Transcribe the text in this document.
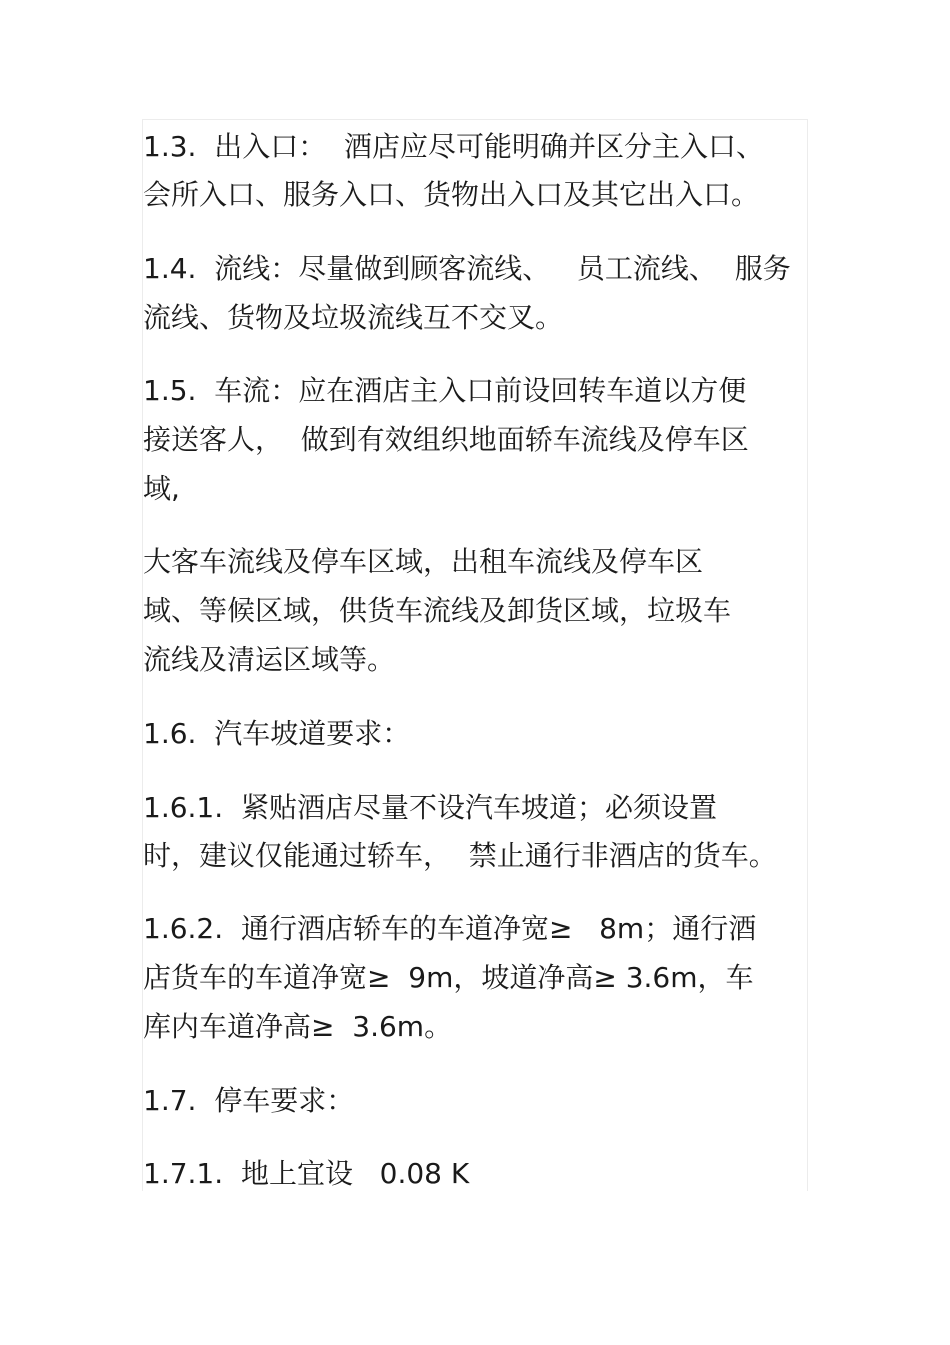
1.3.  出入口：  酒店应尽可能明确并区分主入口、
会所入口、服务入口、货物出入口及其它出入口。
1.4.  流线：尽量做到顾客流线、   员工流线、  服务
流线、货物及垃圾流线互不交叉。
1.5.  车流：应在酒店主入口前设回转车道以方便
接送客人，  做到有效组织地面轿车流线及停车区
域,
大客车流线及停车区域，出租车流线及停车区
域、等候区域，供货车流线及卸货区域，垃圾车
流线及清运区域等。
1.6.  汽车坡道要求：
1.6.1.  紧贴酒店尽量不设汽车坡道；必须设置
时，建议仅能通过轿车，  禁止通行非酒店的货车。
1.6.2.  通行酒店轿车的车道净宽≥   8m；通行酒
店货车的车道净宽≥  9m，坡道净高≥ 3.6m，车
库内车道净高≥  3.6m。
1.7.  停车要求：
1.7.1.  地上宜设   0.08 K
